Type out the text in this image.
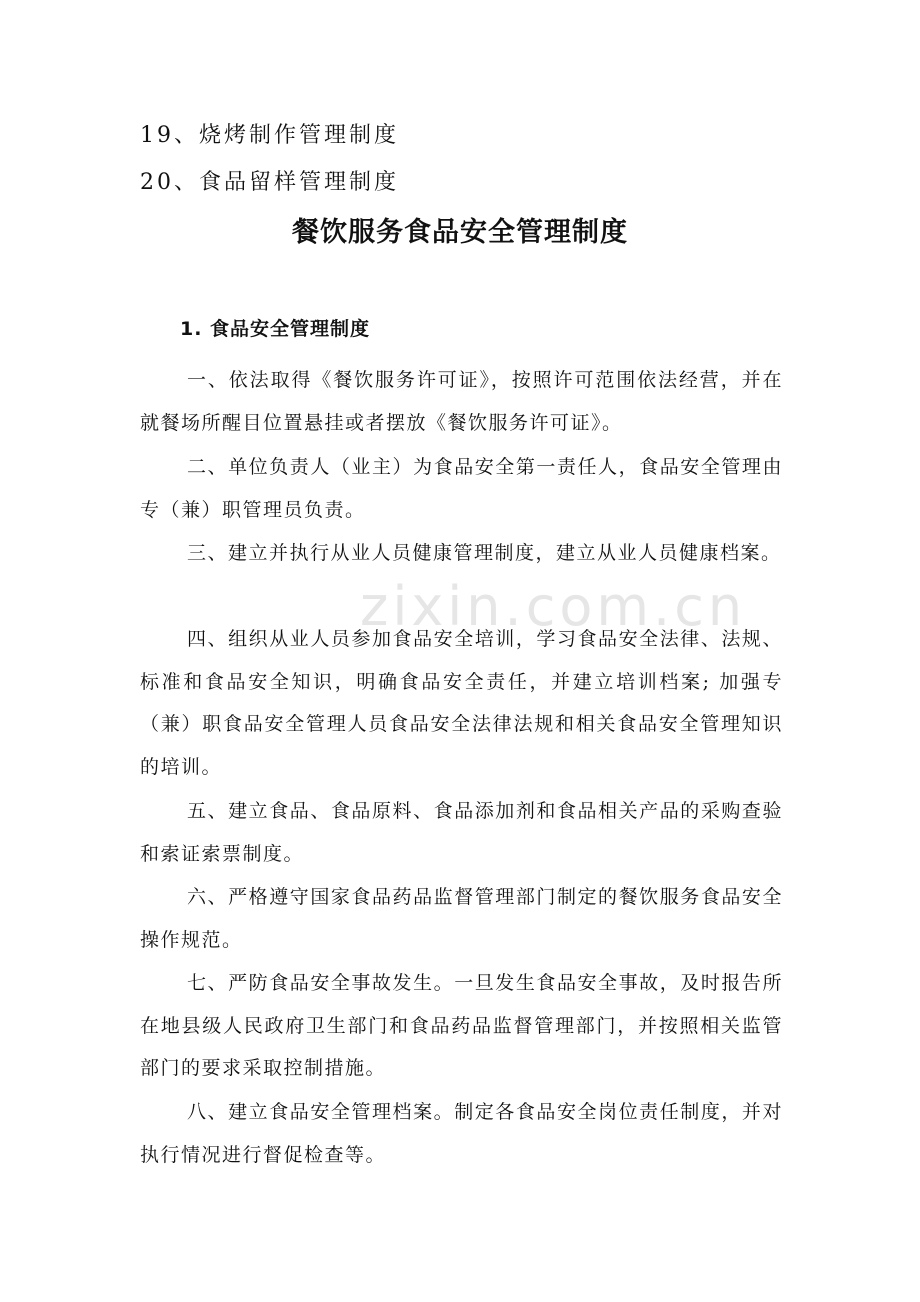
zixin.com.cn
19、烧烤制作管理制度
20、食品留样管理制度
餐饮服务食品安全管理制度
1. 食品安全管理制度

一、依法取得《餐饮服务许可证》，按照许可范围依法经营，并在就餐场所醒目位置悬挂或者摆放《餐饮服务许可证》。

二、单位负责人（业主）为食品安全第一责任人，食品安全管理由专（兼）职管理员负责。

三、建立并执行从业人员健康管理制度，建立从业人员健康档案。

四、组织从业人员参加食品安全培训，学习食品安全法律、法规、标准和食品安全知识，明确食品安全责任，并建立培训档案; 加强专（兼）职食品安全管理人员食品安全法律法规和相关食品安全管理知识的培训。

五、建立食品、食品原料、食品添加剂和食品相关产品的采购查验和索证索票制度。

六、严格遵守国家食品药品监督管理部门制定的餐饮服务食品安全操作规范。

七、严防食品安全事故发生。一旦发生食品安全事故，及时报告所在地县级人民政府卫生部门和食品药品监督管理部门，并按照相关监管部门的要求采取控制措施。

八、建立食品安全管理档案。制定各食品安全岗位责任制度，并对执行情况进行督促检查等。
